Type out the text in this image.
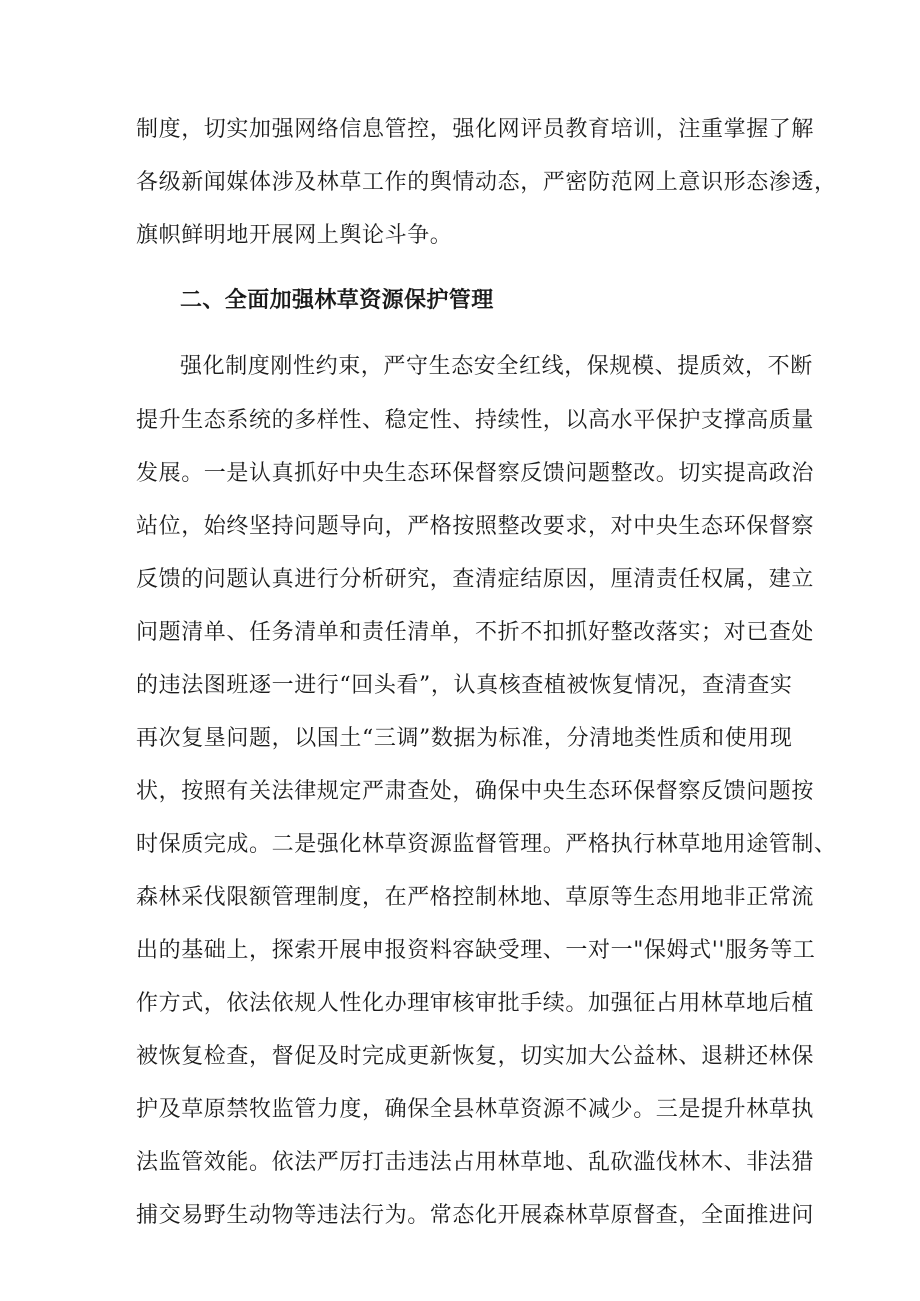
制度，切实加强网络信息管控，强化网评员教育培训，注重掌握了解
各级新闻媒体涉及林草工作的舆情动态，严密防范网上意识形态渗透，
旗帜鲜明地开展网上舆论斗争。
二、全面加强林草资源保护管理
强化制度刚性约束，严守生态安全红线，保规模、提质效，不断
提升生态系统的多样性、稳定性、持续性，以高水平保护支撑高质量
发展。一是认真抓好中央生态环保督察反馈问题整改。切实提高政治
站位，始终坚持问题导向，严格按照整改要求，对中央生态环保督察
反馈的问题认真进行分析研究，查清症结原因，厘清责任权属，建立
问题清单、任务清单和责任清单，不折不扣抓好整改落实；对已查处
的违法图班逐一进行“回头看”，认真核查植被恢复情况，查清查实
再次复垦问题，以国土“三调”数据为标准，分清地类性质和使用现
状，按照有关法律规定严肃查处，确保中央生态环保督察反馈问题按
时保质完成。二是强化林草资源监督管理。严格执行林草地用途管制、
森林采伐限额管理制度，在严格控制林地、草原等生态用地非正常流
出的基础上，探索开展申报资料容缺受理、一对一"保姆式''服务等工
作方式，依法依规人性化办理审核审批手续。加强征占用林草地后植
被恢复检查，督促及时完成更新恢复，切实加大公益林、退耕还林保
护及草原禁牧监管力度，确保全县林草资源不减少。三是提升林草执
法监管效能。依法严厉打击违法占用林草地、乱砍滥伐林木、非法猎
捕交易野生动物等违法行为。常态化开展森林草原督查，全面推进问
